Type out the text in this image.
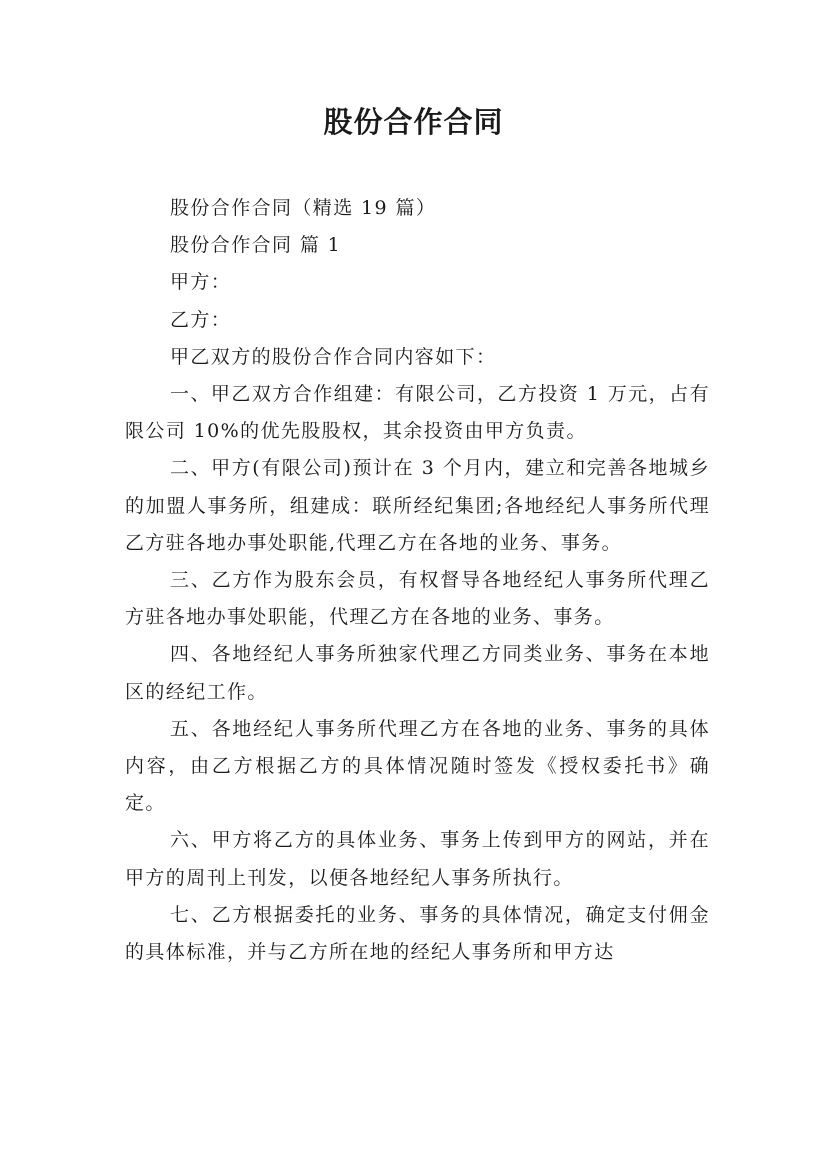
股份合作合同

股份合作合同（精选 19 篇）

股份合作合同 篇 1

甲方：

乙方：

甲乙双方的股份合作合同内容如下：

一、甲乙双方合作组建：有限公司，乙方投资 1 万元，占有限公司 10%的优先股股权，其余投资由甲方负责。

二、甲方(有限公司)预计在 3 个月内，建立和完善各地城乡的加盟人事务所，组建成：联所经纪集团;各地经纪人事务所代理乙方驻各地办事处职能,代理乙方在各地的业务、事务。

三、乙方作为股东会员，有权督导各地经纪人事务所代理乙方驻各地办事处职能，代理乙方在各地的业务、事务。

四、各地经纪人事务所独家代理乙方同类业务、事务在本地区的经纪工作。

五、各地经纪人事务所代理乙方在各地的业务、事务的具体内容，由乙方根据乙方的具体情况随时签发《授权委托书》确定。

六、甲方将乙方的具体业务、事务上传到甲方的网站，并在甲方的周刊上刊发，以便各地经纪人事务所执行。

七、乙方根据委托的业务、事务的具体情况，确定支付佣金的具体标准，并与乙方所在地的经纪人事务所和甲方达
